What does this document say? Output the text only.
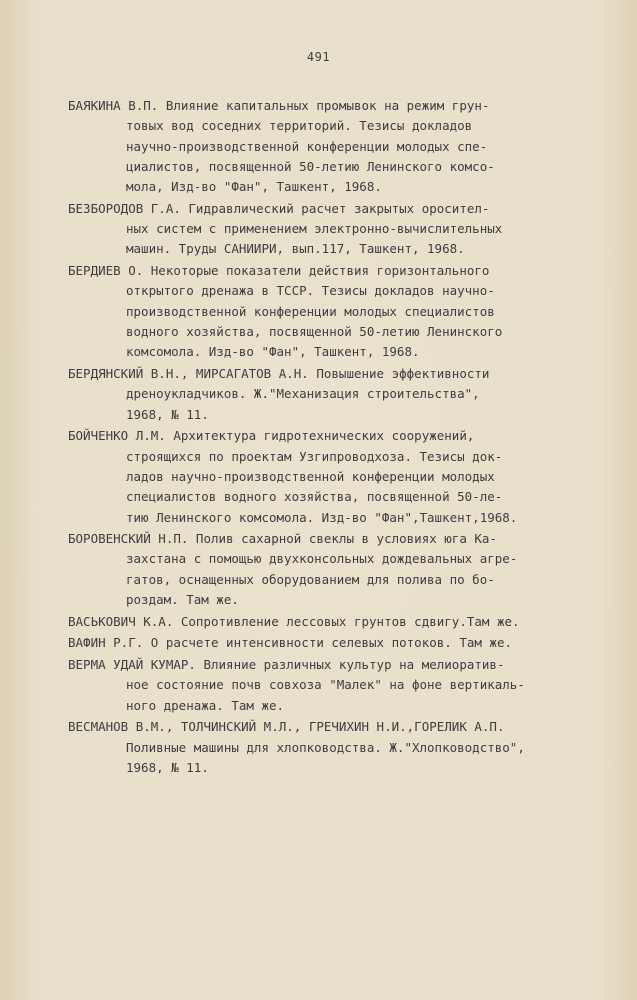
491
БАЯКИНА В.П. Влияние капитальных промывок на режим грун-
товых вод соседних территорий. Тезисы докладов
научно-производственной конференции молодых спе-
циалистов, посвященной 50-летию Ленинского комсо-
мола, Изд-во "Фан", Ташкент, 1968.
БЕЗБОРОДОВ Г.А. Гидравлический расчет закрытых оросител-
ных систем с применением электронно-вычислительных
машин. Труды САНИИРИ, вып.117, Ташкент, 1968.
БЕРДИЕВ О. Некоторые показатели действия горизонтального
открытого дренажа в ТССР. Тезисы докладов научно-
производственной конференции молодых специалистов
водного хозяйства, посвященной 50-летию Ленинского
комсомола. Изд-во "Фан", Ташкент, 1968.
БЕРДЯНСКИЙ В.Н., МИРСАГАТОВ А.Н. Повышение эффективности
дреноукладчиков. Ж."Механизация строительства",
1968, № 11.
БОЙЧЕНКО Л.М. Архитектура гидротехнических сооружений,
строящихся по проектам Узгипроводхоза. Тезисы док-
ладов научно-производственной конференции молодых
специалистов водного хозяйства, посвященной 50-ле-
тию Ленинского комсомола. Изд-во "Фан",Ташкент,1968.
БОРОВЕНСКИЙ Н.П. Полив сахарной свеклы в условиях юга Ка-
захстана с помощью двухконсольных дождевальных агре-
гатов, оснащенных оборудованием для полива по бо-
роздам. Там же.
ВАСЬКОВИЧ К.А. Сопротивление лессовых грунтов сдвигу.Там же.
ВАФИН Р.Г. О расчете интенсивности селевых потоков. Там же.
ВЕРМА УДАЙ КУМАР. Влияние различных культур на мелиоратив-
ное состояние почв совхоза "Малек" на фоне вертикаль-
ного дренажа. Там же.
ВЕСМАНОВ В.М., ТОЛЧИНСКИЙ М.Л., ГРЕЧИХИН Н.И.,ГОРЕЛИК А.П.
Поливные машины для хлопководства. Ж."Хлопководство",
1968, № 11.
